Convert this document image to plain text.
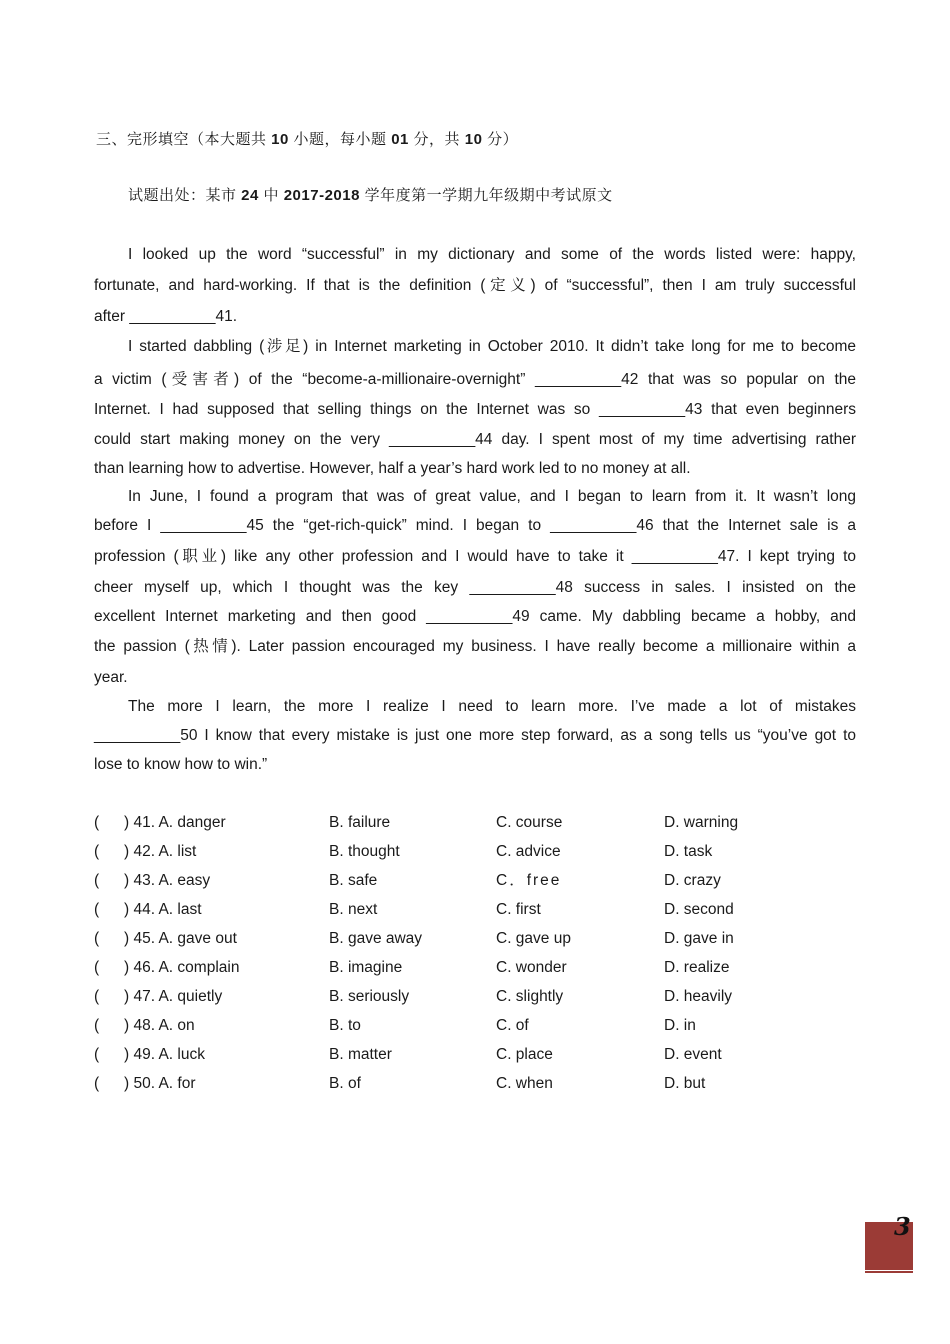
三、完形填空（本大题共 10 小题，每小题 01 分，共 10 分）
试题出处：某市 24 中 2017-2018 学年度第一学期九年级期中考试原文
I looked up the word “successful” in my dictionary and some of the words listed were: happy,
fortunate, and hard-working. If that is the definition (定义) of “successful”, then I am truly successful
after __________41.
I started dabbling (涉足) in Internet marketing in October 2010. It didn’t take long for me to become
a victim (受害者) of the “become-a-millionaire-overnight” __________42 that was so popular on the
Internet. I had supposed that selling things on the Internet was so __________43 that even beginners
could start making money on the very __________44 day. I spent most of my time advertising rather
than learning how to advertise. However, half a year’s hard work led to no money at all.
In June, I found a program that was of great value, and I began to learn from it. It wasn’t long
before I __________45 the “get-rich-quick” mind. I began to __________46 that the Internet sale is a
profession (职业) like any other profession and I would have to take it __________47. I kept trying to
cheer myself up, which I thought was the key __________48 success in sales. I insisted on the
excellent Internet marketing and then good __________49 came. My dabbling became a hobby, and
the passion (热情). Later passion encouraged my business. I have really become a millionaire within a
year.
The more I learn, the more I realize I need to learn more. I’ve made a lot of mistakes
__________50 I know that every mistake is just one more step forward, as a song tells us “you’ve got to
lose to know how to win.”
( ) 41. A. danger	B. failure	C. course	D. warning
( ) 42. A. list	B. thought	C. advice	D. task
( ) 43. A. easy	B. safe	C．free	D. crazy
( ) 44. A. last	B. next	C. first	D. second
( ) 45. A. gave out	B. gave away	C. gave up	D. gave in
( ) 46. A. complain	B. imagine	C. wonder	D. realize
( ) 47. A. quietly	B. seriously	C. slightly	D. heavily
( ) 48. A. on	B. to	C. of	D. in
( ) 49. A. luck	B. matter	C. place	D. event
( ) 50. A. for	B. of	C. when	D. but
3
